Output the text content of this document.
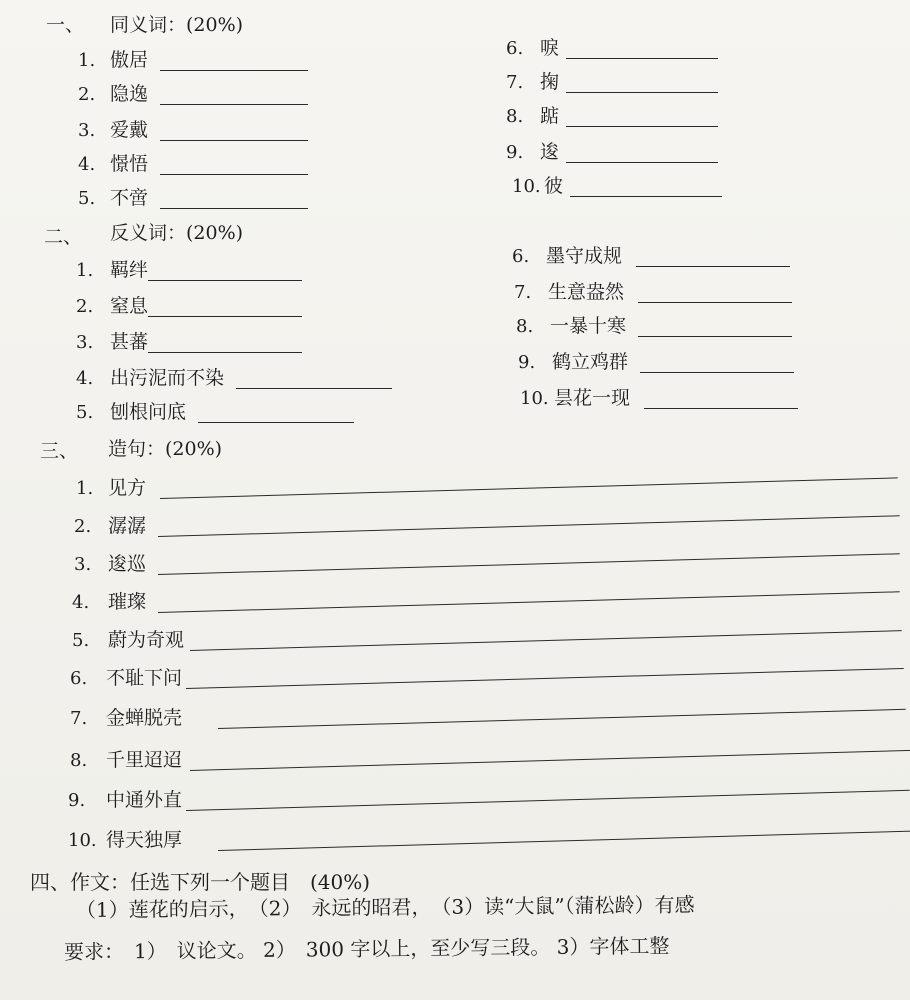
一、 同义词：(20%)
1. 傲居
2. 隐逸
3. 爱戴
4. 憬悟
5. 不啻
6. 唳
7. 掬
8. 踮
9. 逡
10. 彼
二、 反义词：(20%)
1. 羁绊
2. 窒息
3. 甚蕃
4. 出污泥而不染
5. 刨根问底
6. 墨守成规
7. 生意盎然
8. 一暴十寒
9. 鹤立鸡群
10. 昙花一现
三、 造句：(20%)
1. 见方
2. 潺潺
3. 逡巡
4. 璀璨
5. 蔚为奇观
6. 不耻下问
7. 金蝉脱壳
8. 千里迢迢
9. 中通外直
10. 得天独厚
四、作文：任选下列一个题目　(40%)
（1）莲花的启示，　（2）　永远的昭君，　（3）读“大鼠”（蒲松龄）有感
要求：　1）　议论文。 2）　300 字以上，至少写三段。 3）字体工整
